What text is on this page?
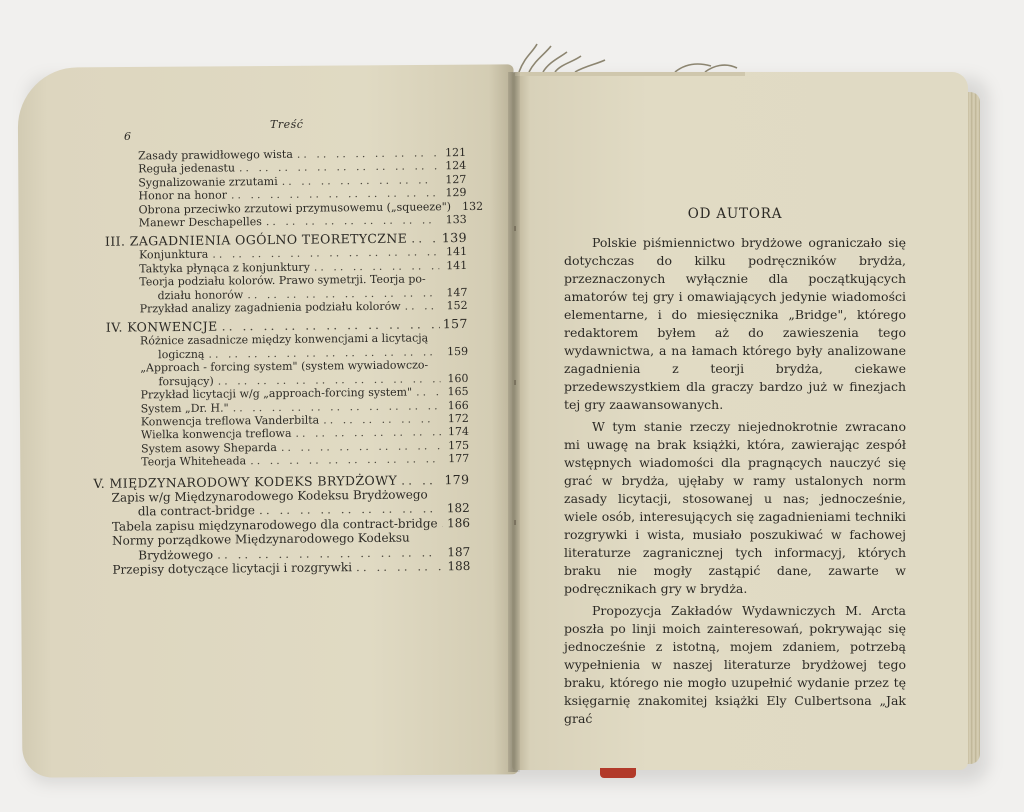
6
Treść
Zasady prawidłowego wista .. ..	121
Reguła jedenastu .. ..	124
Sygnalizowanie zrzutami .. ..	127
Honor na honor .. ..	129
Obrona przeciwko zrzutowi przymusowemu („squeeze") .. .. 132
Manewr Deschapelles .. ..	133
III. ZAGADNIENIA OGÓLNO TEORETYCZNE .. ..	139
Konjunktura .. ..	141
Taktyka płynąca z konjunktury .. ..	141
Teorja podziału kolorów. Prawo symetrji. Teorja po-
działu honorów .. ..	147
Przykład analizy zagadnienia podziału kolorów .. ..	152
IV. KONWENCJE .. ..	157
Różnice zasadnicze między konwencjami a licytacją
logiczną .. ..	159
„Approach - forcing system" (system wywiadowczo-
forsujący) .. ..	160
Przykład licytacji w/g „approach-forcing system" .. ..	165
System „Dr. H." .. ..	166
Konwencja treflowa Vanderbilta .. ..	172
Wielka konwencja treflowa .. ..	174
System asowy Sheparda .. ..	175
Teorja Whiteheada .. ..	177
V. MIĘDZYNARODOWY KODEKS BRYDŻOWY .. ..	179
Zapis w/g Międzynarodowego Kodeksu Brydżowego
dla contract-bridge .. ..	182
Tabela zapisu międzynarodowego dla contract-bridge .. .. 186
Normy porządkowe Międzynarodowego Kodeksu
Brydżowego .. ..	187
Przepisy dotyczące licytacji i rozgrywki .. ..	188
OD AUTORA

Polskie piśmiennictwo brydżowe ograniczało się dotychczas do kilku podręczników brydża, przeznaczonych wyłącznie dla początkujących amatorów tej gry i omawiających jedynie wiadomości elementarne, i do miesięcznika „Bridge", którego redaktorem byłem aż do zawieszenia tego wydawnictwa, a na łamach którego były analizowane zagadnienia z teorji brydża, ciekawe przedewszystkiem dla graczy bardzo już w finezjach tej gry zaawansowanych.

W tym stanie rzeczy niejednokrotnie zwracano mi uwagę na brak książki, która, zawierając zespół wstępnych wiadomości dla pragnących nauczyć się grać w brydża, ujęłaby w ramy ustalonych norm zasady licytacji, stosowanej u nas; jednocześnie, wiele osób, interesujących się zagadnieniami techniki rozgrywki i wista, musiało poszukiwać w fachowej literaturze zagranicznej tych informacyj, których braku nie mogły zastąpić dane, zawarte w podręcznikach gry w brydża.

Propozycja Zakładów Wydawniczych M. Arcta poszła po linji moich zainteresowań, pokrywając się jednocześnie z istotną, mojem zdaniem, potrzebą wypełnienia w naszej literaturze brydżowej tego braku, którego nie mogło uzupełnić wydanie przez tę księgarnię znakomitej książki Ely Culbertsona „Jak grać
